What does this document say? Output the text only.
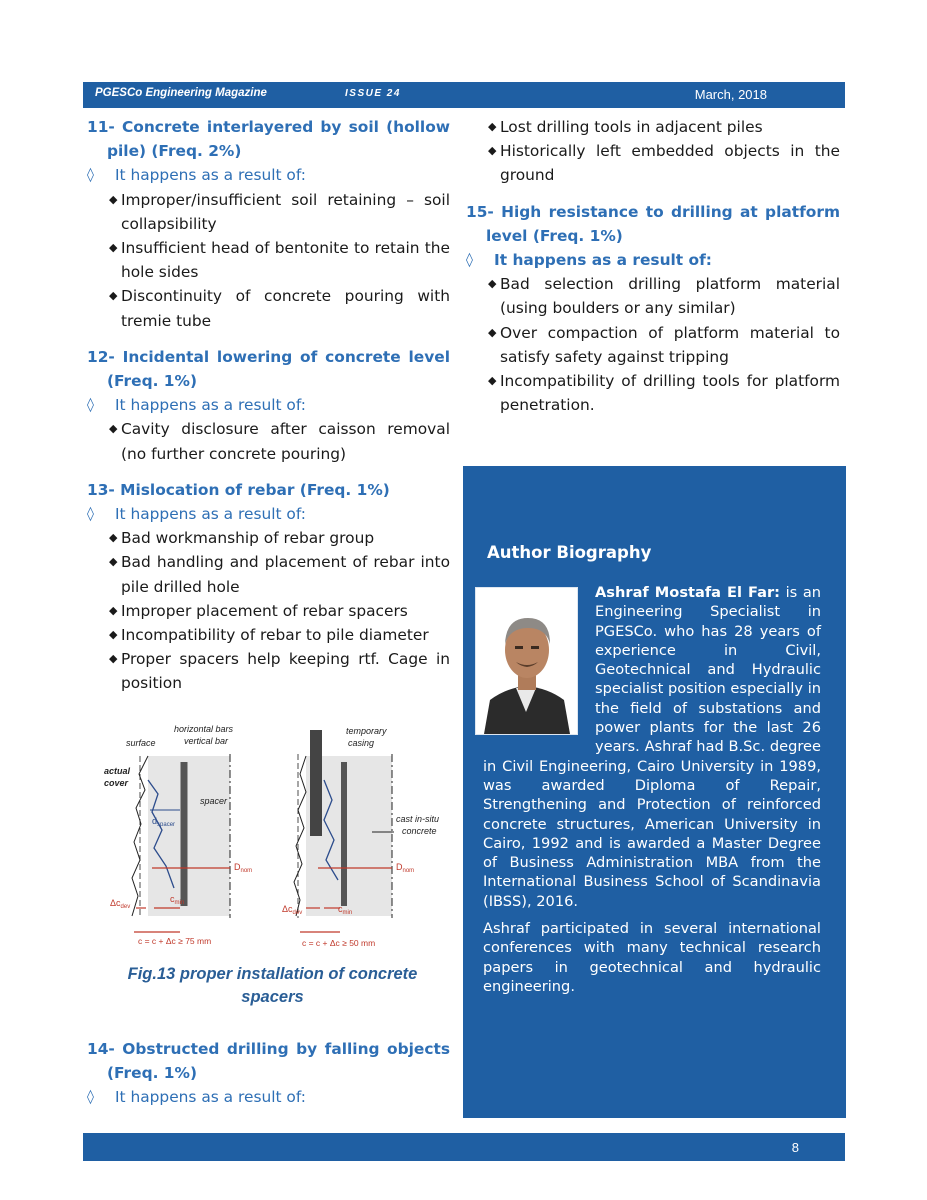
PGESCo Engineering Magazine	ISSUE 24	March, 2018
11- Concrete interlayered by soil (hollow pile) (Freq. 2%)
◊ It happens as a result of:
◆ Improper/insufficient soil retaining – soil collapsibility
◆ Insufficient head of bentonite to retain the hole sides
◆ Discontinuity of concrete pouring with tremie tube
12- Incidental lowering of concrete level (Freq. 1%)
◊ It happens as a result of:
◆ Cavity disclosure after caisson removal (no further concrete pouring)
13- Mislocation of rebar (Freq. 1%)
◊ It happens as a result of:
◆ Bad workmanship of rebar group
◆ Bad handling and placement of rebar into pile drilled hole
◆ Improper placement of rebar spacers
◆ Incompatibility of rebar to pile diameter
◆ Proper spacers help keeping rtf. Cage in position
horizontal bars
vertical bar
surface
actual
cover
spacer
$d_{spacer}$
$D_{nom}$
$\Delta c_{dev}$
$c_{min}$
c = c + Δc ≥ 75 mm
temporary
casing
cast in-situ
concrete
$D_{nom}$
$\Delta c_{dev}$	$c_{min}$
c = c + Δc ≥ 50 mm
Fig.13 proper installation of concrete spacers
14- Obstructed drilling by falling objects (Freq. 1%)
◊ It happens as a result of:
◆ Lost drilling tools in adjacent piles
◆ Historically left embedded objects in the ground
15- High resistance to drilling at platform level (Freq. 1%)
◊ It happens as a result of:
◆ Bad selection drilling platform material (using boulders or any similar)
◆ Over compaction of platform material to satisfy safety against tripping
◆ Incompatibility of drilling tools for platform penetration.
Author Biography

Ashraf Mostafa El Far: is an Engineering Specialist in PGESCo. who has 28 years of experience in Civil, Geotechnical and Hydraulic specialist position especially in the field of substations and power plants for the last 26 years. Ashraf had B.Sc. degree in Civil Engineering, Cairo University in 1989, was awarded Diploma of Repair, Strengthening and Protection of reinforced concrete structures, American University in Cairo, 1992 and is awarded a Master Degree of Business Administration MBA from the International Business School of Scandinavia (IBSS), 2016.

Ashraf participated in several international conferences with many technical research papers in geotechnical and hydraulic engineering.

8
